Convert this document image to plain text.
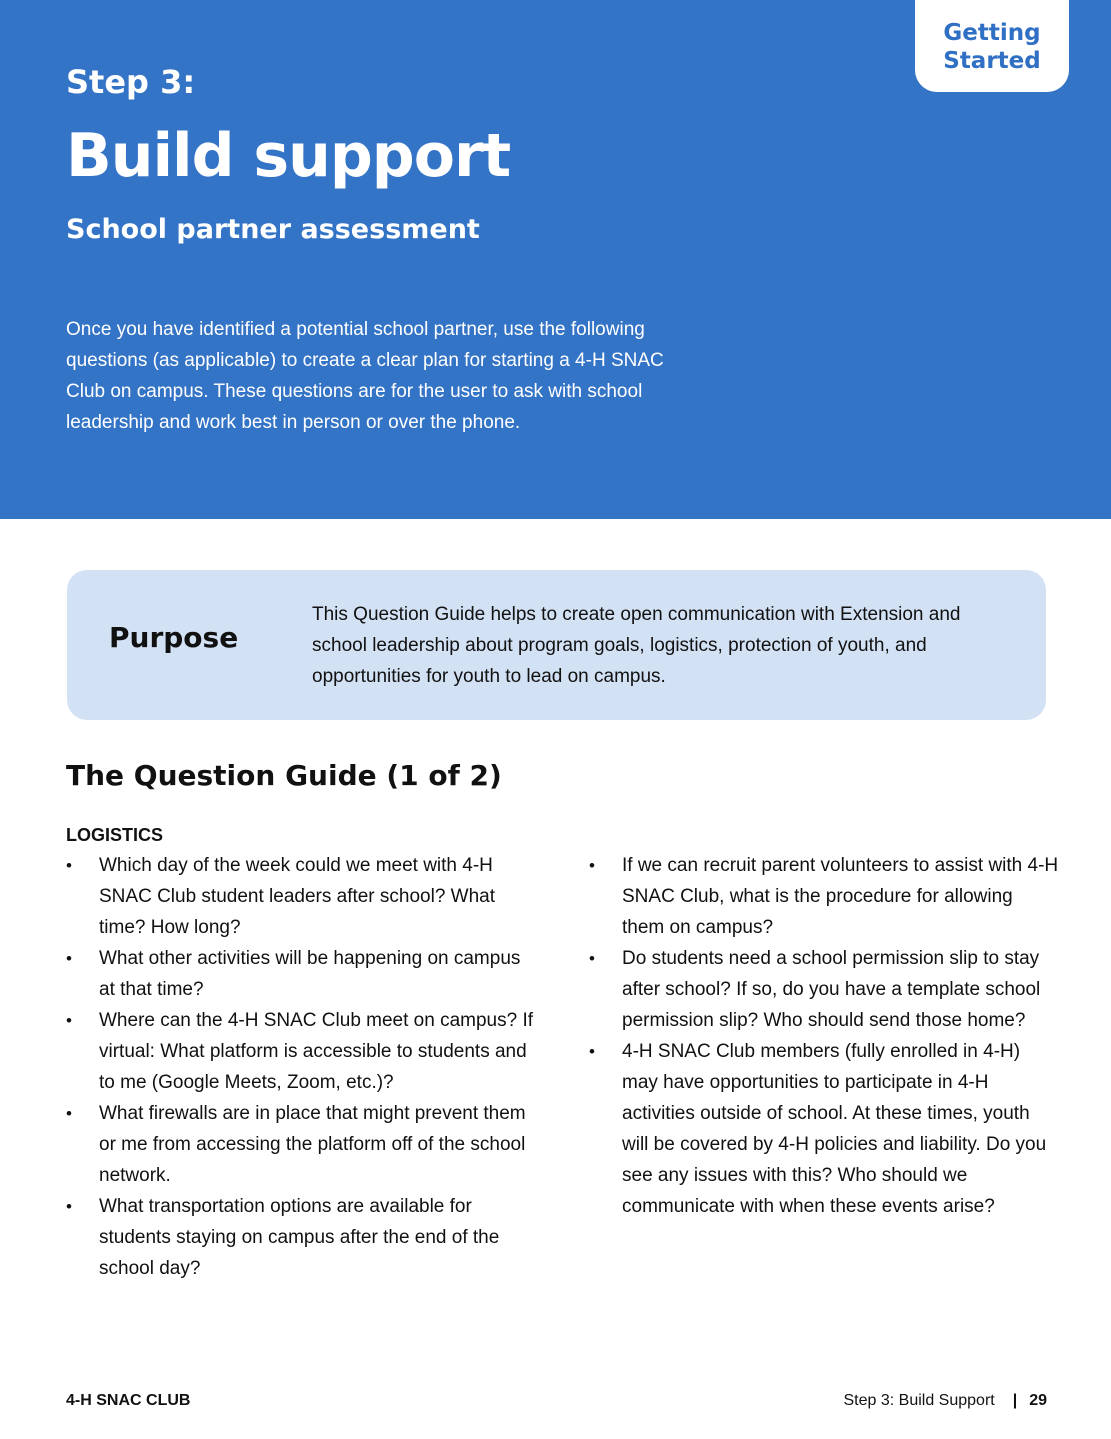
Getting
Started
Step 3:
Build support
School partner assessment
Once you have identified a potential school partner, use the following questions (as applicable) to create a clear plan for starting a 4-H SNAC Club on campus. These questions are for the user to ask with school leadership and work best in person or over the phone.
Purpose
This Question Guide helps to create open communication with Extension and school leadership about program goals, logistics, protection of youth, and opportunities for youth to lead on campus.
The Question Guide (1 of 2)
LOGISTICS
• Which day of the week could we meet with 4-H SNAC Club student leaders after school? What time? How long?
• What other activities will be happening on campus at that time?
• Where can the 4-H SNAC Club meet on campus? If virtual: What platform is accessible to students and to me (Google Meets, Zoom, etc.)?
• What firewalls are in place that might prevent them or me from accessing the platform off of the school network.
• What transportation options are available for students staying on campus after the end of the school day?
• If we can recruit parent volunteers to assist with 4-H SNAC Club, what is the procedure for allowing them on campus?
• Do students need a school permission slip to stay after school? If so, do you have a template school permission slip? Who should send those home?
• 4-H SNAC Club members (fully enrolled in 4-H) may have opportunities to participate in 4-H activities outside of school. At these times, youth will be covered by 4-H policies and liability. Do you see any issues with this? Who should we communicate with when these events arise?
4-H SNAC CLUB	Step 3: Build Support | 29
